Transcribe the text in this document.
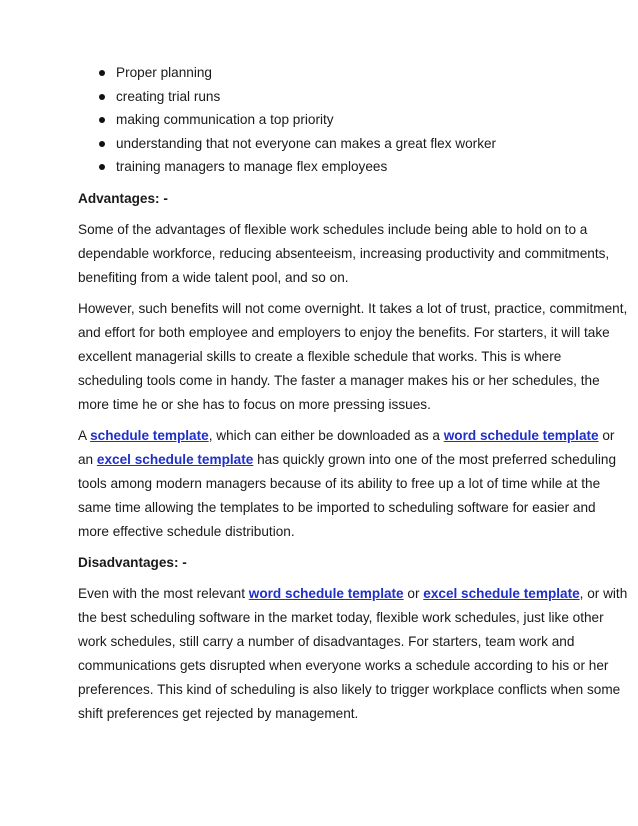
Proper planning
creating trial runs
making communication a top priority
understanding that not everyone can makes a great flex worker
training managers to manage flex employees
Advantages: -

Some of the advantages of flexible work schedules include being able to hold on to a dependable workforce, reducing absenteeism, increasing productivity and commitments, benefiting from a wide talent pool, and so on.

However, such benefits will not come overnight. It takes a lot of trust, practice, commitment, and effort for both employee and employers to enjoy the benefits. For starters, it will take excellent managerial skills to create a flexible schedule that works. This is where scheduling tools come in handy. The faster a manager makes his or her schedules, the more time he or she has to focus on more pressing issues.

A schedule template, which can either be downloaded as a word schedule template or an excel schedule template has quickly grown into one of the most preferred scheduling tools among modern managers because of its ability to free up a lot of time while at the same time allowing the templates to be imported to scheduling software for easier and more effective schedule distribution.

Disadvantages: -

Even with the most relevant word schedule template or excel schedule template, or with the best scheduling software in the market today, flexible work schedules, just like other work schedules, still carry a number of disadvantages. For starters, team work and communications gets disrupted when everyone works a schedule according to his or her preferences. This kind of scheduling is also likely to trigger workplace conflicts when some shift preferences get rejected by management.
